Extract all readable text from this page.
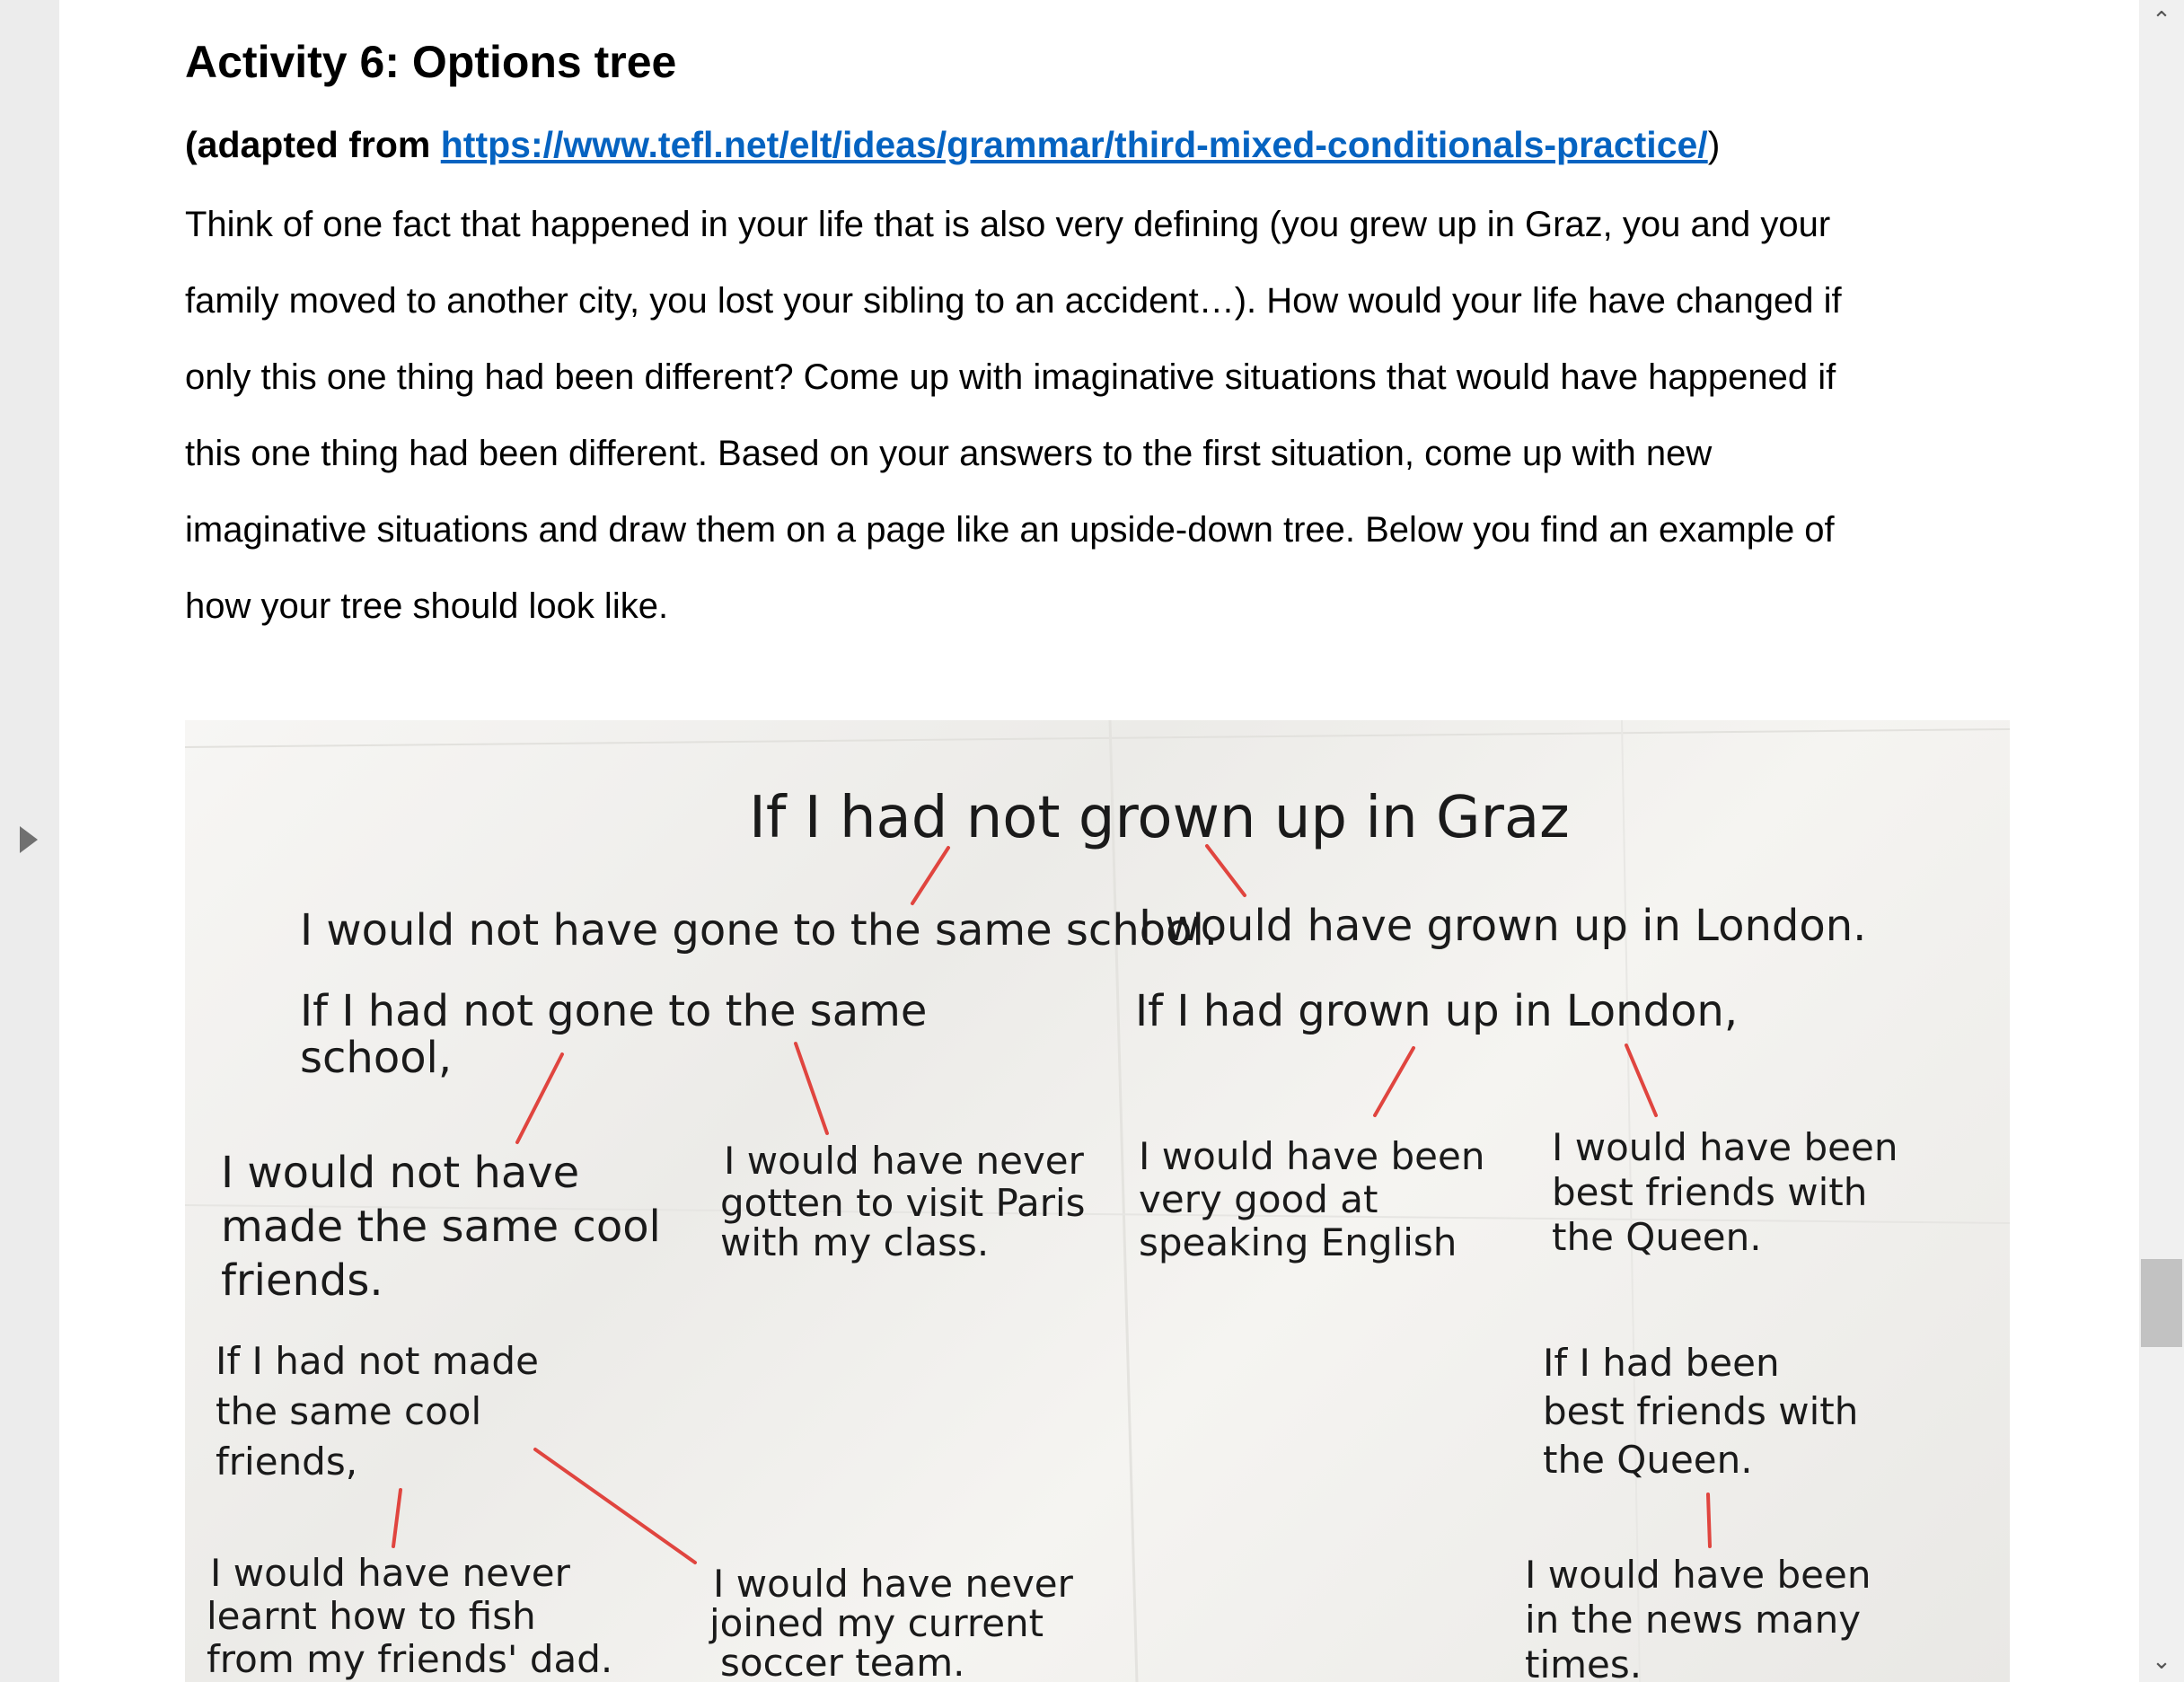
Activity 6: Options tree

(adapted from https://www.tefl.net/elt/ideas/grammar/third-mixed-conditionals-practice/)

Think of one fact that happened in your life that is also very defining (you grew up in Graz, you and your

family moved to another city, you lost your sibling to an accident…). How would your life have changed if

only this one thing had been different? Come up with imaginative situations that would have happened if

this one thing had been different. Based on your answers to the first situation, come up with new

imaginative situations and draw them on a page like an upside-down tree. Below you find an example of

how your tree should look like.

If I had not grown up in Graz
I would not have gone to the same school.
I would have grown up in London.
If I had not gone to the same
school,
If I had grown up in London,
I would not have
made the same cool
friends.
I would have never
gotten to visit Paris
with my class.
I would have been
very good at
speaking English
I would have been
best friends with
the Queen.
If I had not made
the same cool
friends,
If I had been
best friends with
the Queen.
I would have never
learnt how to fish
from my friends' dad.
I would have never
joined my current
soccer team.
I would have been
in the news many
times.
⌃
⌄
